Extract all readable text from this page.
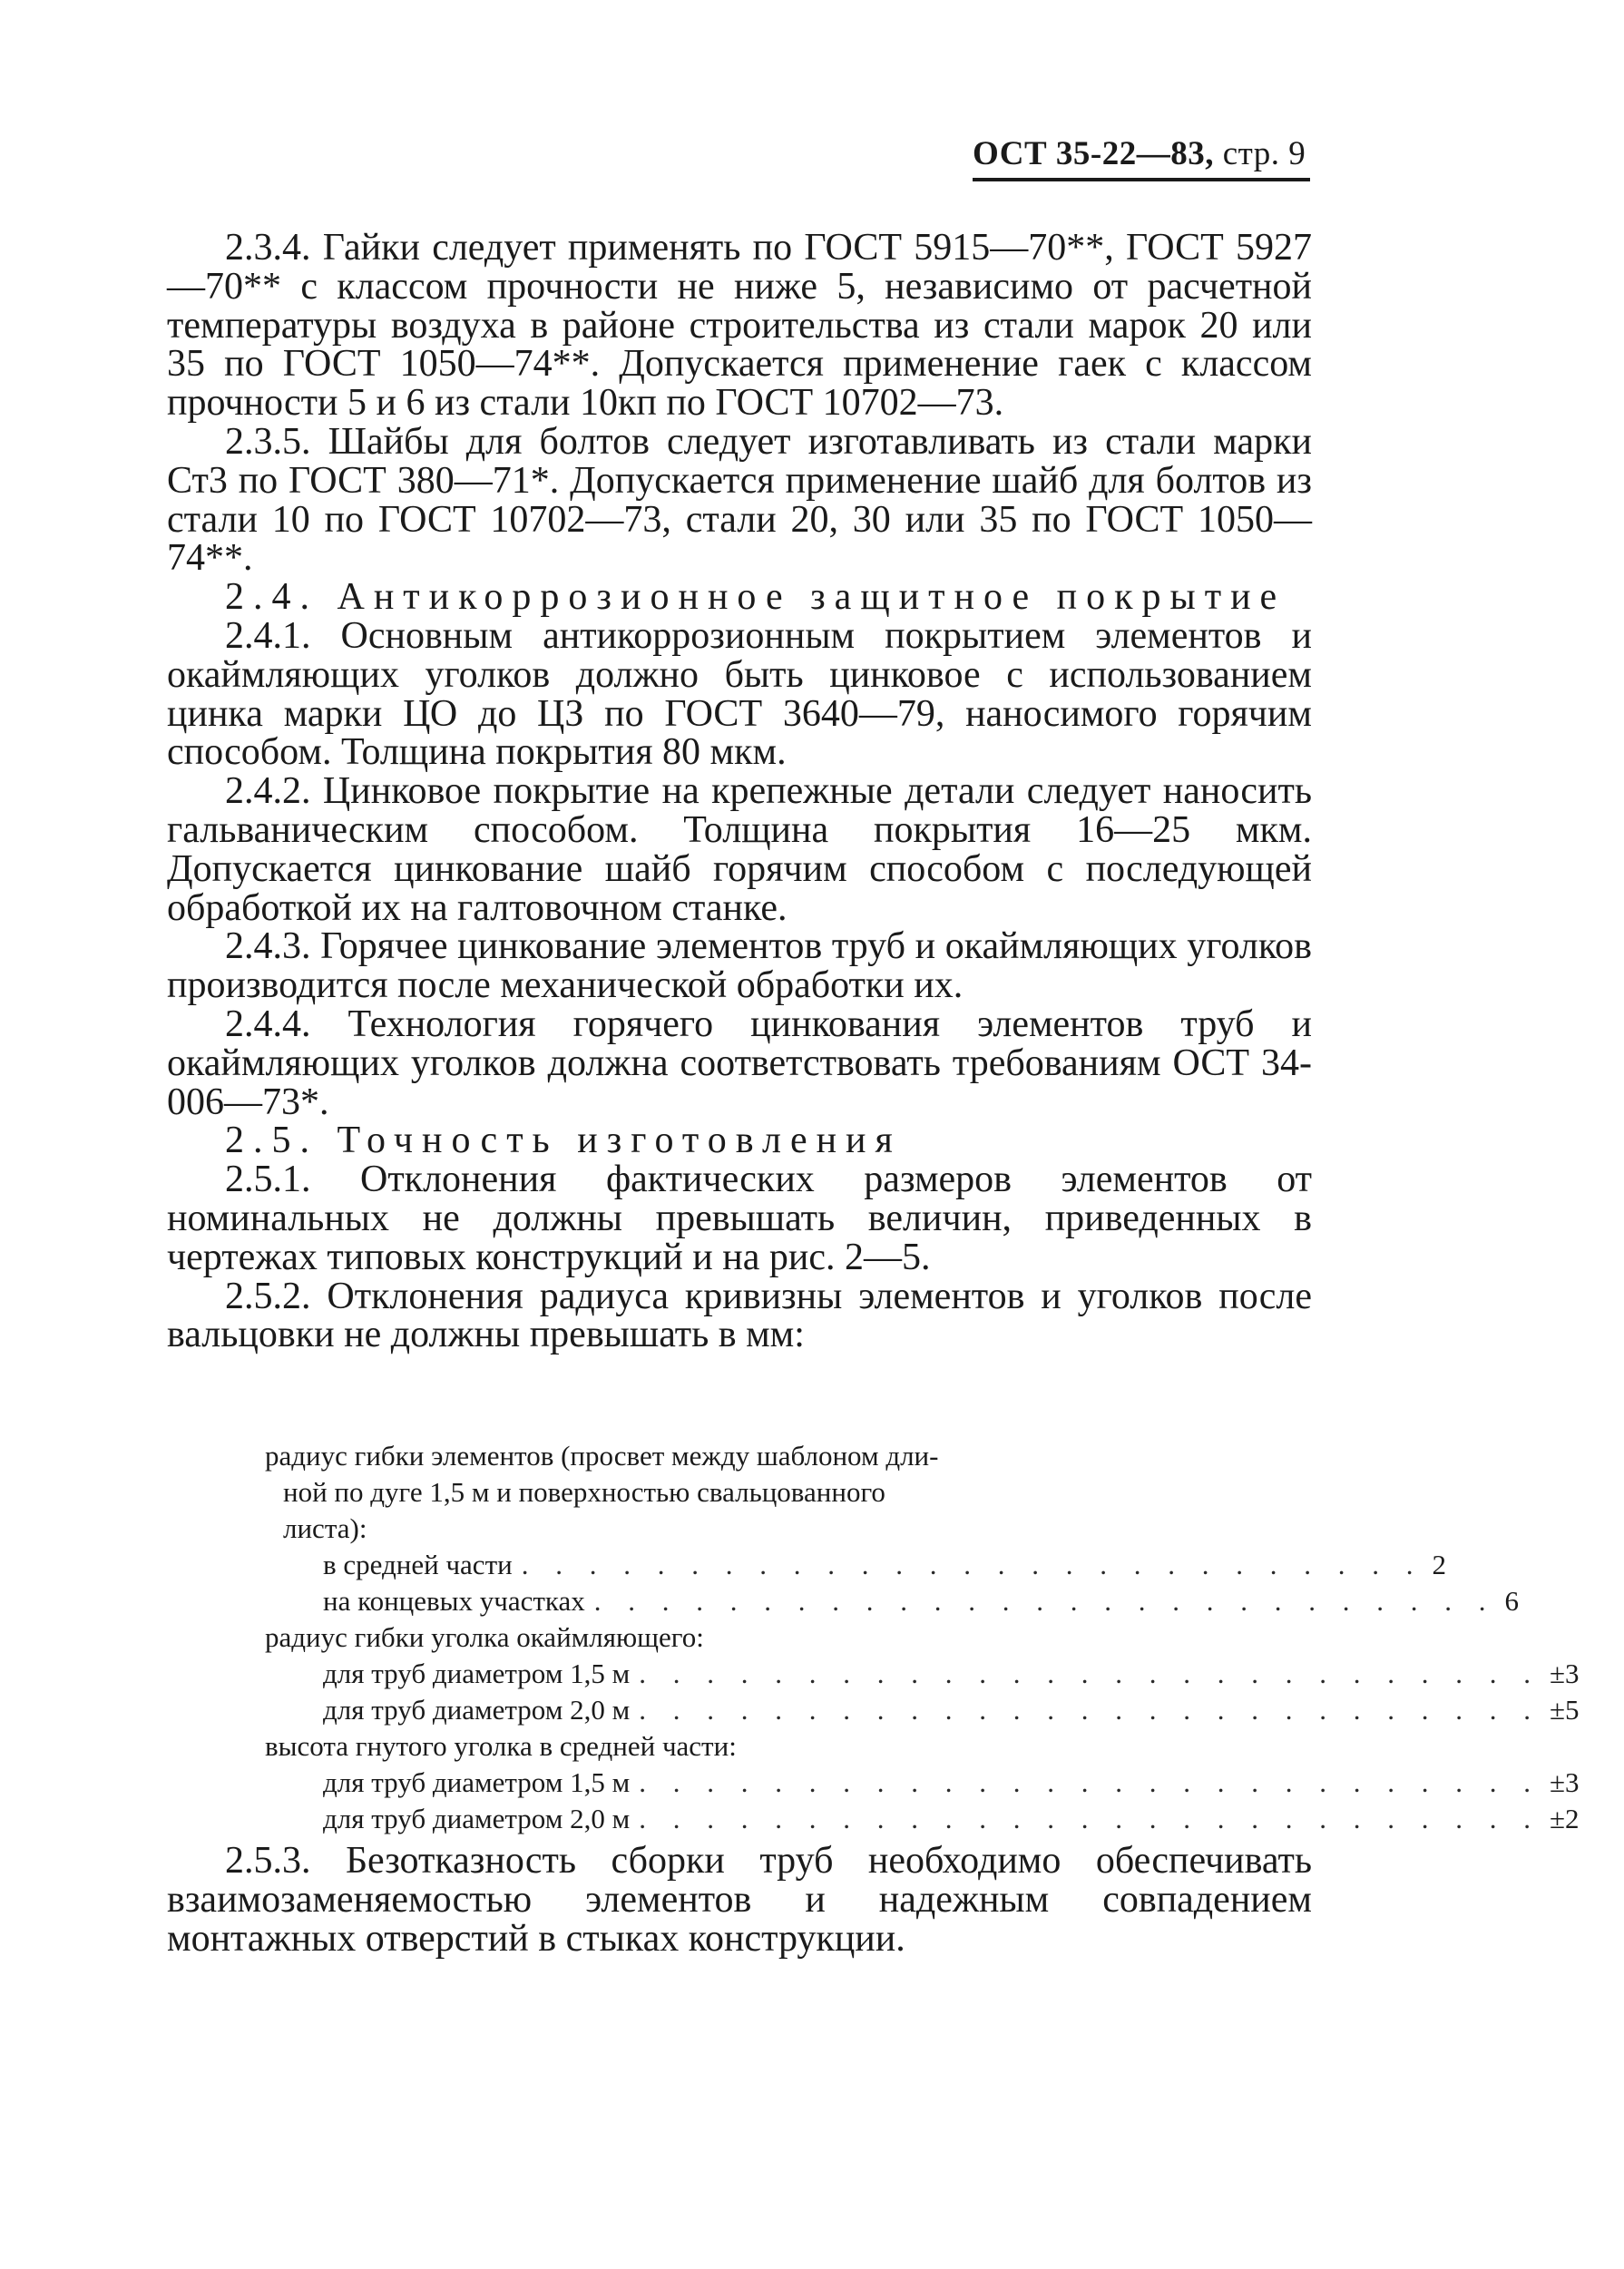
ОСТ 35-22—83, стр. 9

2.3.4. Гайки следует применять по ГОСТ 5915—70**, ГОСТ 5927—70** с классом прочности не ниже 5, независимо от расчетной температуры воздуха в районе строительства из стали марок 20 или 35 по ГОСТ 1050—74**. Допускается применение гаек с классом прочности 5 и 6 из стали 10кп по ГОСТ 10702—73.

2.3.5. Шайбы для болтов следует изготавливать из стали марки Ст3 по ГОСТ 380—71*. Допускается применение шайб для болтов из стали 10 по ГОСТ 10702—73, стали 20, 30 или 35 по ГОСТ 1050—74**.

2.4. Антикоррозионное защитное покрытие

2.4.1. Основным антикоррозионным покрытием элементов и окаймляющих уголков должно быть цинковое с использованием цинка марки ЦО до ЦЗ по ГОСТ 3640—79, наносимого горячим способом. Толщина покрытия 80 мкм.

2.4.2. Цинковое покрытие на крепежные детали следует наносить гальваническим способом. Толщина покрытия 16—25 мкм. Допускается цинкование шайб горячим способом с последующей обработкой их на галтовочном станке.

2.4.3. Горячее цинкование элементов труб и окаймляющих уголков производится после механической обработки их.

2.4.4. Технология горячего цинкования элементов труб и окаймляющих уголков должна соответствовать требованиям ОСТ 34-006—73*.

2.5. Точность изготовления

2.5.1. Отклонения фактических размеров элементов от номинальных не должны превышать величин, приведенных в чертежах типовых конструкций и на рис. 2—5.

2.5.2. Отклонения радиуса кривизны элементов и уголков после вальцовки не должны превышать в мм:

радиус гибки элементов (просвет между шаблоном дли-
ной по дуге 1,5 м и поверхностью свальцованного
листа):

в средней части . . . . . . . . . . . . . . . . . . . . . . . . . . . 2
на концевых участках . . . . . . . . . . . . . . . . . . . . . . . . . . . 6

радиус гибки уголка окаймляющего:

для труб диаметром 1,5 м . . . . . . . . . . . . . . . . . . . . . . . . . . . ±3
для труб диаметром 2,0 м . . . . . . . . . . . . . . . . . . . . . . . . . . . ±5

высота гнутого уголка в средней части:

для труб диаметром 1,5 м . . . . . . . . . . . . . . . . . . . . . . . . . . . ±3
для труб диаметром 2,0 м . . . . . . . . . . . . . . . . . . . . . . . . . . . ±2

2.5.3. Безотказность сборки труб необходимо обеспечивать взаимозаменяемостью элементов и надежным совпадением монтажных отверстий в стыках конструкции.
